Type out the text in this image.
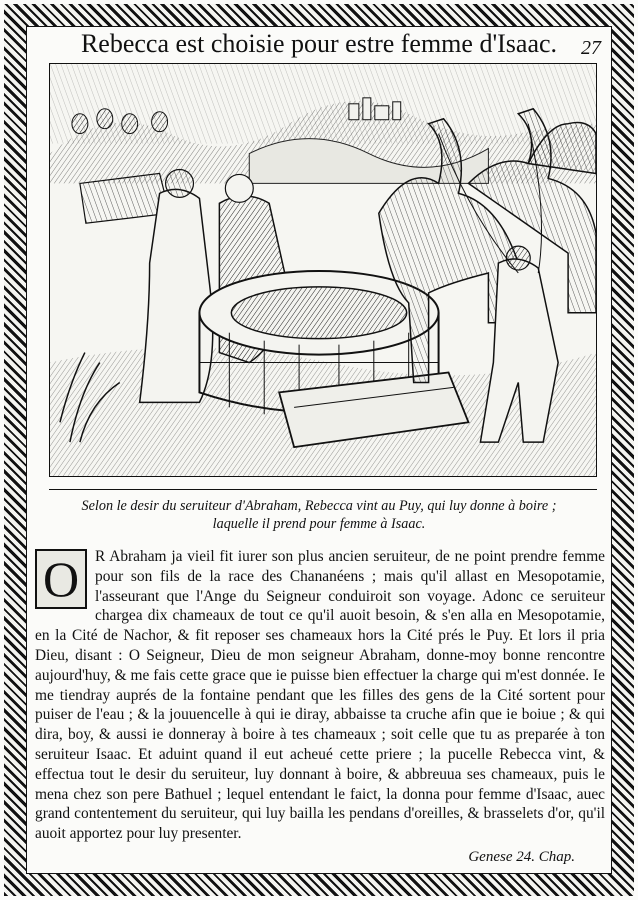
Rebecca est choisie pour estre femme d'Isaac.	27
Selon le desir du seruiteur d'Abraham, Rebecca vint au Puy, qui luy donne à boire ;
laquelle il prend pour femme à Isaac.
O	R Abraham ja vieil fit iurer son plus ancien seruiteur, de ne point prendre femme pour son fils de la race des Chananéens ; mais qu'il allast en Mesopotamie, l'asseurant que l'Ange du Seigneur conduiroit son voyage. Adonc ce seruiteur chargea dix chameaux de tout ce qu'il auoit besoin, & s'en alla en Mesopotamie, en la Cité de Nachor, & fit reposer ses chameaux hors la Cité prés le Puy. Et lors il pria Dieu, disant : O Seigneur, Dieu de mon seigneur Abraham, donne-moy bonne rencontre aujourd'huy, & me fais cette grace que ie puisse bien effectuer la charge qui m'est donnée. Ie me tiendray auprés de la fontaine pendant que les filles des gens de la Cité sortent pour puiser de l'eau ; & la jouuencelle à qui ie diray, abbaisse ta cruche afin que ie boiue ; & qui dira, boy, & aussi ie donneray à boire à tes chameaux ; soit celle que tu as preparée à ton seruiteur Isaac. Et aduint quand il eut acheué cette priere ; la pucelle Rebecca vint, & effectua tout le desir du seruiteur, luy donnant à boire, & abbreuua ses chameaux, puis le mena chez son pere Bathuel ; lequel entendant le faict, la donna pour femme d'Isaac, auec grand contentement du seruiteur, qui luy bailla les pendans d'oreilles, & brasselets d'or, qu'il auoit apportez pour luy presenter.
Genese 24. Chap.
